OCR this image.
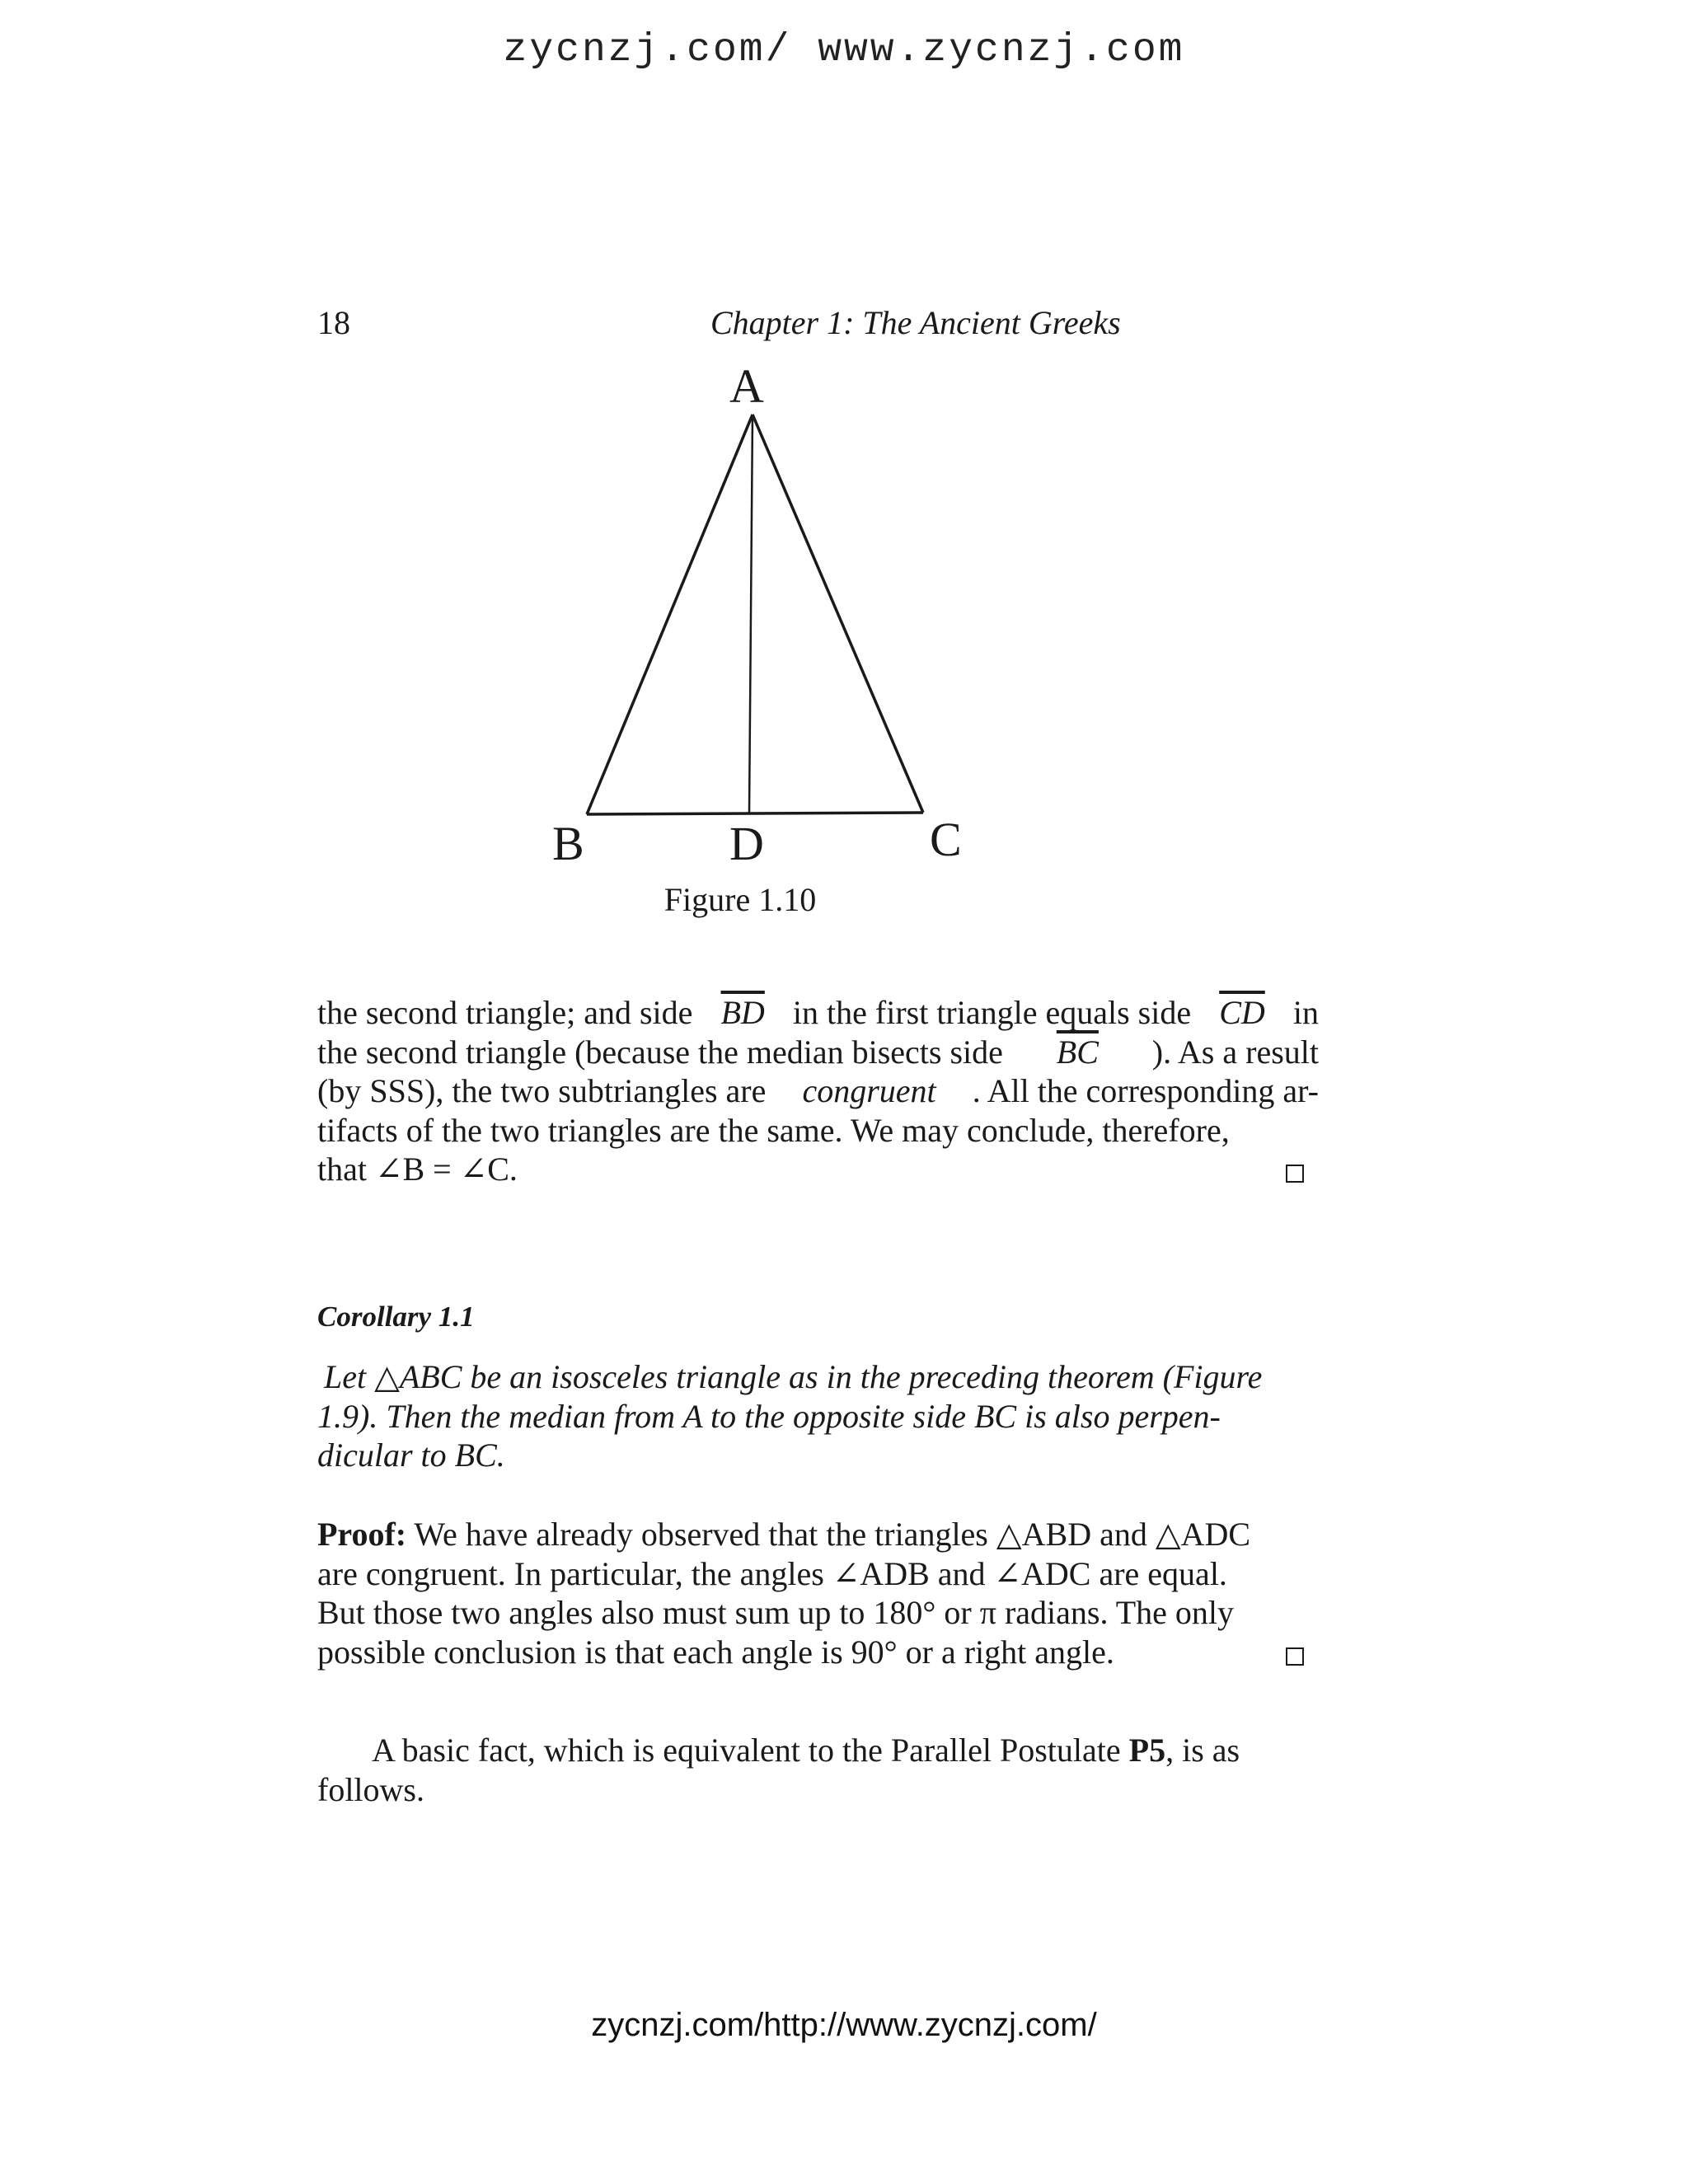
zycnzj.com/ www.zycnzj.com
18	Chapter 1: The Ancient Greeks
A
B	D	C
Figure 1.10
the second triangle; and side $\overline{BD}$ in the first triangle equals side $\overline{CD}$ in
the second triangle (because the median bisects side $\overline{BC}$ ). As a result
(by SSS), the two subtriangles are congruent . All the corresponding ar-
tifacts of the two triangles are the same. We may conclude, therefore,
that ∠B = ∠C.
Corollary 1.1
Let △ABC be an isosceles triangle as in the preceding theorem (Figure
1.9). Then the median from A to the opposite side BC is also perpen-
dicular to BC.
Proof: We have already observed that the triangles △ABD and △ADC
are congruent. In particular, the angles ∠ADB and ∠ADC are equal.
But those two angles also must sum up to 180° or π radians. The only
possible conclusion is that each angle is 90° or a right angle.
A basic fact, which is equivalent to the Parallel Postulate P5, is as
follows.
zycnzj.com/http://www.zycnzj.com/
